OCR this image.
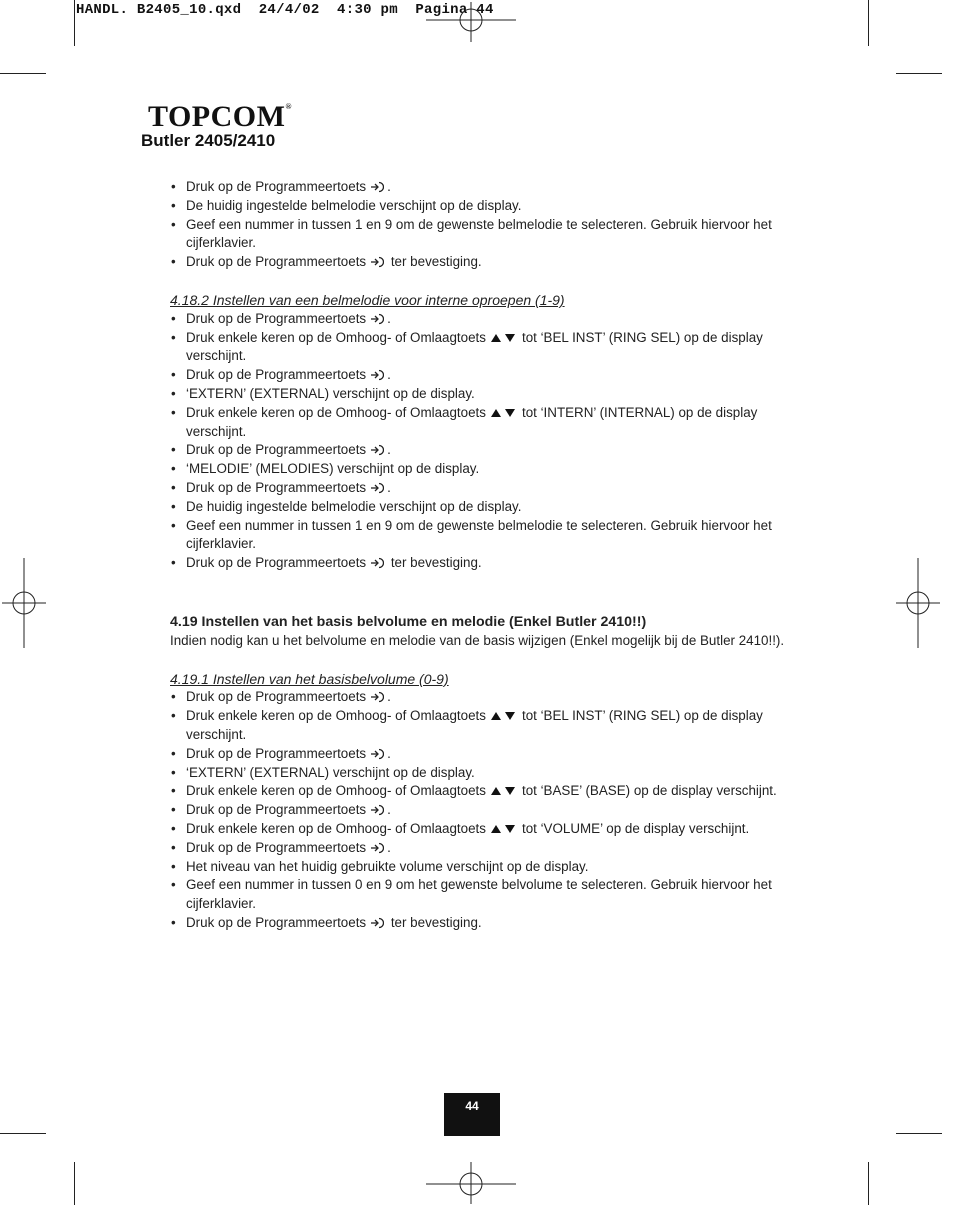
HANDL. B2405_10.qxd  24/4/02  4:30 pm  Pagina 44
TOPCOM®
Butler 2405/2410
• Druk op de Programmeertoets .
• De huidig ingestelde belmelodie verschijnt op de display.
• Geef een nummer in tussen 1 en 9 om de gewenste belmelodie te selecteren. Gebruik hiervoor het cijferklavier.
• Druk op de Programmeertoets ter bevestiging.

4.18.2 Instellen van een belmelodie voor interne oproepen (1-9)

• Druk op de Programmeertoets .
• Druk enkele keren op de Omhoog- of Omlaagtoets	tot ‘BEL INST’ (RING SEL) op de display verschijnt.
• Druk op de Programmeertoets .
• ‘EXTERN’ (EXTERNAL) verschijnt op de display.
• Druk enkele keren op de Omhoog- of Omlaagtoets	tot ‘INTERN’ (INTERNAL) op de display verschijnt.
• Druk op de Programmeertoets .
• ‘MELODIE’ (MELODIES) verschijnt op de display.
• Druk op de Programmeertoets .
• De huidig ingestelde belmelodie verschijnt op de display.
• Geef een nummer in tussen 1 en 9 om de gewenste belmelodie te selecteren. Gebruik hiervoor het cijferklavier.
• Druk op de Programmeertoets ter bevestiging.

4.19 Instellen van het basis belvolume en melodie (Enkel Butler 2410!!)

Indien nodig kan u het belvolume en melodie van de basis wijzigen (Enkel mogelijk bij de Butler 2410!!).

4.19.1 Instellen van het basisbelvolume (0-9)

• Druk op de Programmeertoets .
• Druk enkele keren op de Omhoog- of Omlaagtoets	tot ‘BEL INST’ (RING SEL) op de display verschijnt.
• Druk op de Programmeertoets .
• ‘EXTERN’ (EXTERNAL) verschijnt op de display.
• Druk enkele keren op de Omhoog- of Omlaagtoets	tot ‘BASE’ (BASE) op de display verschijnt.
• Druk op de Programmeertoets .
• Druk enkele keren op de Omhoog- of Omlaagtoets	tot ‘VOLUME’ op de display verschijnt.
• Druk op de Programmeertoets .
• Het niveau van het huidig gebruikte volume verschijnt op de display.
• Geef een nummer in tussen 0 en 9 om het gewenste belvolume te selecteren. Gebruik hiervoor het cijferklavier.
• Druk op de Programmeertoets ter bevestiging.
44
